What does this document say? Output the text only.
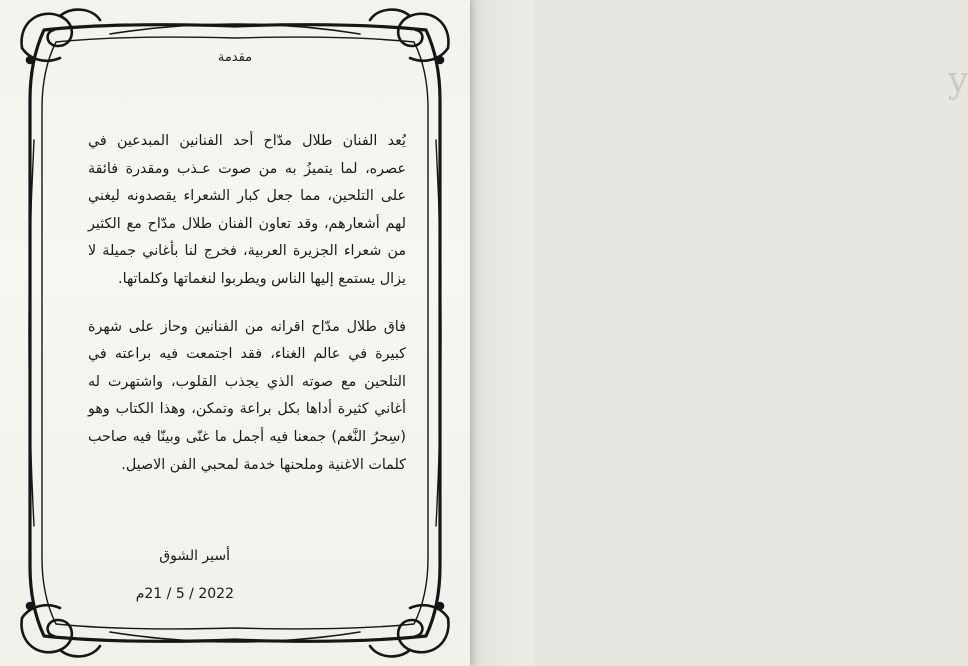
y
مقدمة

يُعد الفنان طلال مدّاح أحد الفنانين المبدعين في عصره، لما يتميزُ به من صوت عـذب ومقدرة فائقة على التلحين، مما جعل كبار الشعراء يقصدونه ليغني لهم أشعارهم، وقد تعاون الفنان طلال مدّاح مع الكثير من شعراء الجزيرة العربية، فخرج لنا بأغاني جميلة لا يزال يستمع إليها الناس ويطربوا لنغماتها وكلماتها.

فاق طلال مدّاح اقرانه من الفنانين وحاز على شهرة كبيرة في عالم الغناء، فقد اجتمعت فيه براعته في التلحين مع صوته الذي يجذب القلوب، واشتهرت له أغاني كثيرة أداها بكل براعة وتمكن، وهذا الكتاب وهو (سِحرُ النَّغم) جمعنا فيه أجمل ما غنّى وبينّا فيه صاحب كلمات الاغنية وملحنها خدمة لمحبي الفن الاصيل.

أسير الشوق
2022 / 5 / 21م
